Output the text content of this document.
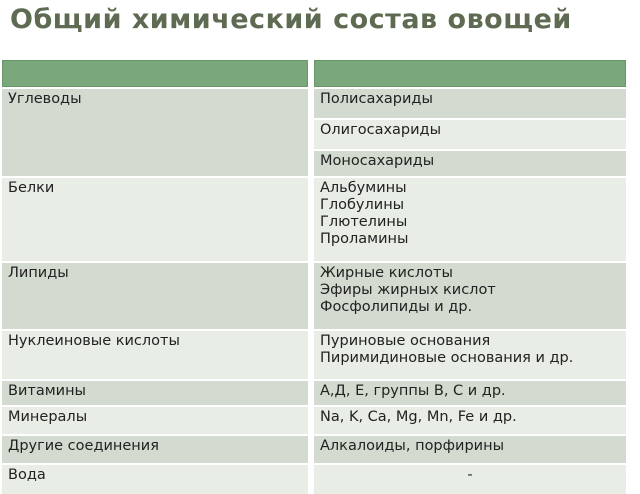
Общий химический состав овощей
Углеводы	Полисахариды
Олигосахариды
Моносахариды
Белки	Альбумины
Глобулины
Глютелины
Проламины
Липиды	Жирные кислоты
Эфиры жирных кислот
Фосфолипиды и др.
Нуклеиновые кислоты	Пуриновые основания
Пиримидиновые основания и др.
Витамины	А,Д, Е, группы В, С и др.
Минералы	Na, K, Ca, Mg, Mn, Fe и др.
Другие соединения	Алкалоиды, порфирины
Вода	-
